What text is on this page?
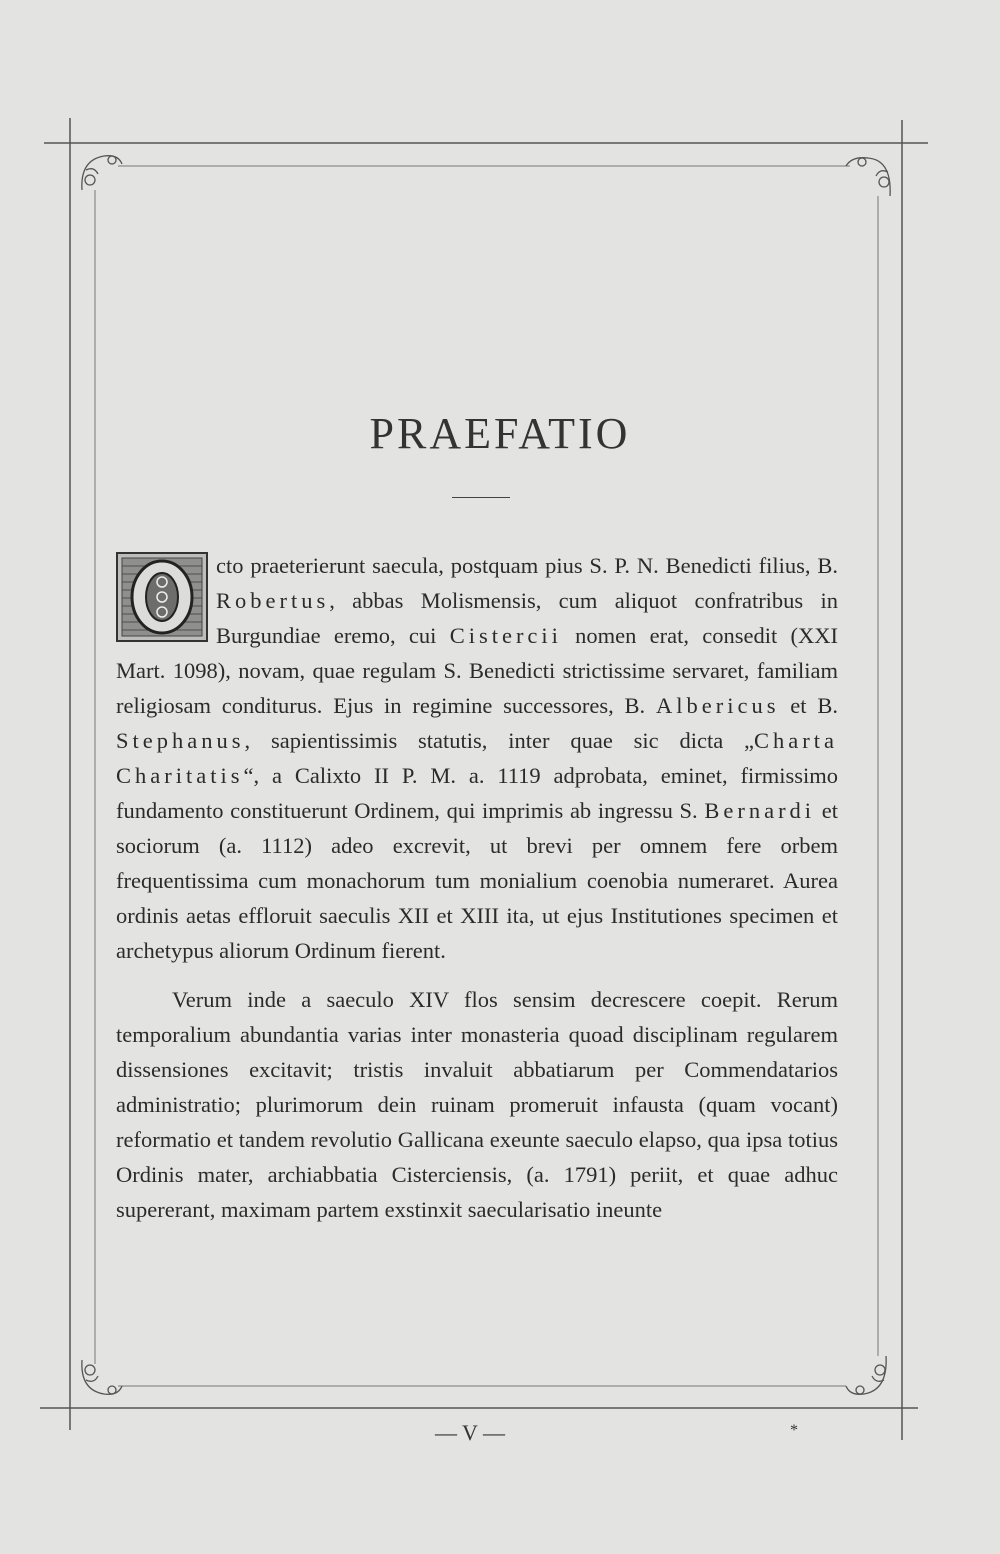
PRAEFATIO

cto praeterierunt saecula, postquam pius S. P. N. Benedicti filius, B. Robertus, abbas Molismensis, cum aliquot confratribus in Burgundiae eremo, cui Cistercii nomen erat, consedit (XXI Mart. 1098), novam, quae regulam S. Benedicti strictissime servaret, familiam religiosam conditurus. Ejus in regimine successores, B. Albericus et B. Stephanus, sapientissimis statutis, inter quae sic dicta „Charta Charitatis“, a Calixto II P. M. a. 1119 adprobata, eminet, firmissimo fundamento constituerunt Ordinem, qui imprimis ab ingressu S. Bernardi et sociorum (a. 1112) adeo excrevit, ut brevi per omnem fere orbem frequentissima cum monachorum tum monialium coenobia numeraret. Aurea ordinis aetas effloruit saeculis XII et XIII ita, ut ejus Institutiones specimen et archetypus aliorum Ordinum fierent.

Verum inde a saeculo XIV flos sensim decrescere coepit. Rerum temporalium abundantia varias inter monasteria quoad disciplinam regularem dissensiones excitavit; tristis invaluit abbatiarum per Commendatarios administratio; plurimorum dein ruinam promeruit infausta (quam vocant) reformatio et tandem revolutio Gallicana exeunte saeculo elapso, qua ipsa totius Ordinis mater, archiabbatia Cisterciensis, (a. 1791) periit, et quae adhuc supererant, maximam partem exstinxit saecularisatio ineunte

— V —	*
